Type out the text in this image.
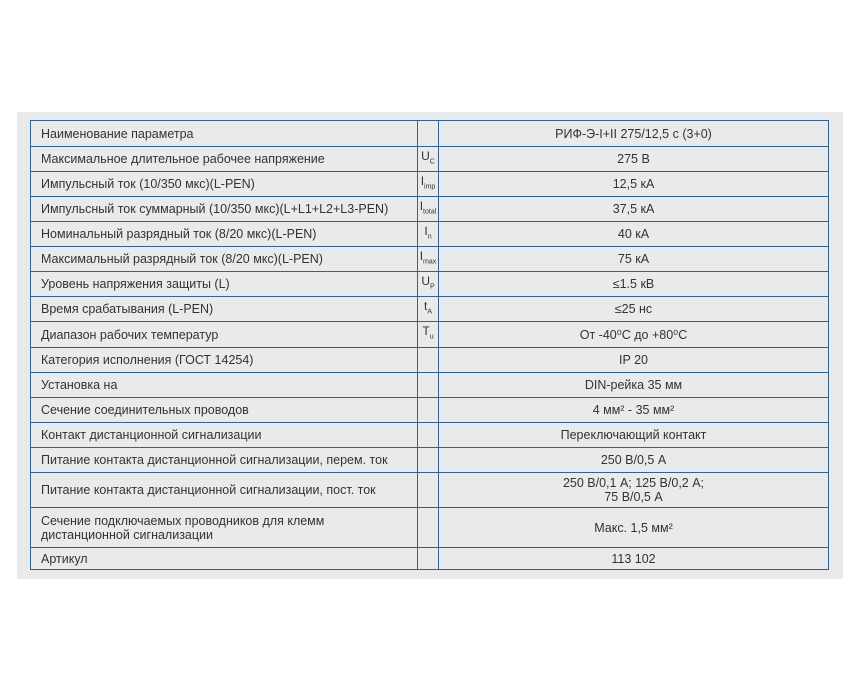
Наименование параметра		РИФ-Э-I+II 275/12,5 с (3+0)
Максимальное длительное рабочее напряжение	$U_C$	275 В
Импульсный ток (10/350 мкс)(L-PEN)	$I_{imp}$	12,5 кА
Импульсный ток суммарный (10/350 мкс)(L+L1+L2+L3-PEN)	$I_{total}$	37,5 кА
Номинальный разрядный ток (8/20 мкс)(L-PEN)	$I_n$	40 кА
Максимальный разрядный ток (8/20 мкс)(L-PEN)	$I_{max}$	75 кА
Уровень напряжения защиты (L)	$U_P$	≤1.5 кВ
Время срабатывания (L-PEN)	$t_A$	≤25 нс
Диапазон рабочих температур	$T_u$	От -40⁰С до +80⁰С
Категория исполнения (ГОСТ 14254)		IP 20
Установка на		DIN-рейка 35 мм
Сечение соединительных проводов		4 мм² - 35 мм²
Контакт дистанционной сигнализации		Переключающий контакт
Питание контакта дистанционной сигнализации, перем. ток		250 В/0,5 А
Питание контакта дистанционной сигнализации, пост. ток		250 В/0,1 А; 125 В/0,2 А;
75 В/0,5 А
Сечение подключаемых проводников для клемм
дистанционной сигнализации		Макс. 1,5 мм²
Артикул		113 102
